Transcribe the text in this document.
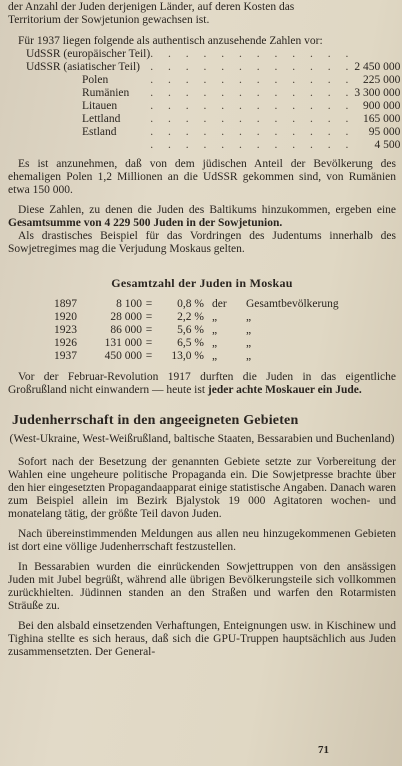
der Anzahl der Juden derjenigen Länder, auf deren Kosten das

Territorium der Sowjetunion gewachsen ist.

Für 1937 liegen folgende als authentisch anzusehende Zahlen vor:

UdSSR (europäischer Teil)	. . . . . . . . . . . .	
UdSSR (asiatischer Teil)	. . . . . . . . . . . .	2 450 000
Polen	. . . . . . . . . . . .	225 000
Rumänien	. . . . . . . . . . . .	3 300 000
Litauen	. . . . . . . . . . . .	900 000
Lettland	. . . . . . . . . . . .	165 000
Estland	. . . . . . . . . . . .	95 000
	. . . . . . . . . . . .	4 500

Es ist anzunehmen, daß von dem jüdischen Anteil der Bevölkerung des ehemaligen Polen 1,2 Millionen an die UdSSR gekommen sind, von Rumänien etwa 150 000.

Diese Zahlen, zu denen die Juden des Baltikums hinzukommen, ergeben eine Gesamtsumme von 4 229 500 Juden in der Sowjetunion.

Als drastisches Beispiel für das Vordringen des Judentums innerhalb des Sowjetregimes mag die Verjudung Moskaus gelten.

Gesamtzahl der Juden in Moskau
1897	8 100	=	0,8 %	der	Gesamtbevölkerung
1920	28 000	=	2,2 %	„	„
1923	86 000	=	5,6 %	„	„
1926	131 000	=	6,5 %	„	„
1937	450 000	=	13,0 %	„	„

Vor der Februar-Revolution 1917 durften die Juden in das eigentliche Großrußland nicht einwandern — heute ist jeder achte Moskauer ein Jude.

Judenherrschaft in den angeeigneten Gebieten
(West-Ukraine, West-Weißrußland, baltische Staaten, Bessarabien und Buchenland)

Sofort nach der Besetzung der genannten Gebiete setzte zur Vorbereitung der Wahlen eine ungeheure politische Propaganda ein. Die Sowjetpresse brachte über den hier eingesetzten Propagandaapparat einige statistische Angaben. Danach waren zum Beispiel allein im Bezirk Bjalystok 19 000 Agitatoren wochen- und monatelang tätig, der größte Teil davon Juden.

Nach übereinstimmenden Meldungen aus allen neu hinzugekommenen Gebieten ist dort eine völlige Judenherrschaft festzustellen.

In Bessarabien wurden die einrückenden Sowjettruppen von den ansässigen Juden mit Jubel begrüßt, während alle übrigen Bevölkerungsteile sich vollkommen zurückhielten. Jüdinnen standen an den Straßen und warfen den Rotarmisten Sträuße zu.

Bei den alsbald einsetzenden Verhaftungen, Enteignungen usw. in Kischinew und Tighina stellte es sich heraus, daß sich die GPU-Truppen hauptsächlich aus Juden zusammensetzten. Der General-

71
